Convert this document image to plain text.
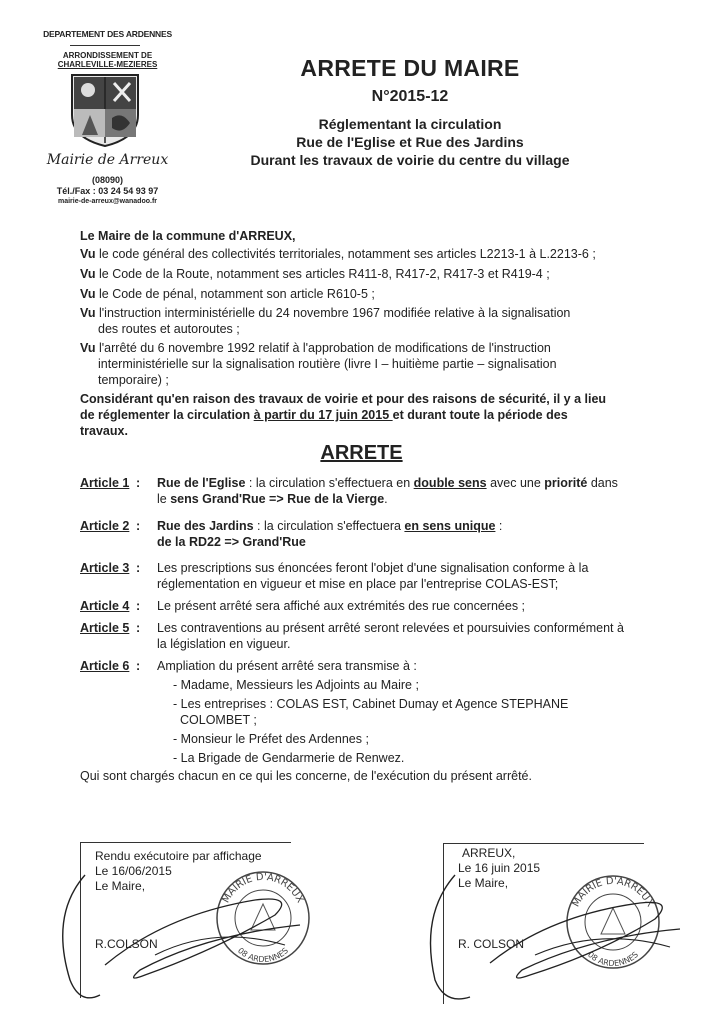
DEPARTEMENT DES ARDENNES
ARRONDISSEMENT DE
CHARLEVILLE-MEZIERES
Mairie de Arreux
(08090)
Tél./Fax : 03 24 54 93 97
mairie-de-arreux@wanadoo.fr
ARRETE DU MAIRE
N°2015-12
Réglementant la circulation
Rue de l'Eglise et Rue des Jardins
Durant les travaux de voirie du centre du village
Le Maire de la commune d'ARREUX,
Vu le code général des collectivités territoriales, notamment ses articles L2213-1 à L.2213-6 ;
Vu le Code de la Route, notamment ses articles R411-8, R417-2, R417-3 et R419-4 ;
Vu le Code de pénal, notamment son article R610-5 ;
Vu l'instruction interministérielle du 24 novembre 1967 modifiée relative à la signalisation
des routes et autoroutes ;
Vu l'arrêté du 6 novembre 1992 relatif à l'approbation de modifications de l'instruction
interministérielle sur la signalisation routière (livre I – huitième partie – signalisation
temporaire) ;
Considérant qu'en raison des travaux de voirie et pour des raisons de sécurité, il y a lieu
de réglementer la circulation à partir du 17 juin 2015 et durant toute la période des
travaux.
ARRETE
Article 1 : Rue de l'Eglise : la circulation s'effectuera en double sens avec une priorité dans
le sens Grand'Rue => Rue de la Vierge.
Article 2 : Rue des Jardins : la circulation s'effectuera en sens unique :
de la RD22 => Grand'Rue
Article 3 : Les prescriptions sus énoncées feront l'objet d'une signalisation conforme à la
réglementation en vigueur et mise en place par l'entreprise COLAS-EST;
Article 4 : Le présent arrêté sera affiché aux extrémités des rue concernées ;
Article 5 : Les contraventions au présent arrêté seront relevées et poursuivies conformément à
la législation en vigueur.
Article 6 : Ampliation du présent arrêté sera transmise à :
- Madame, Messieurs les Adjoints au Maire ;
- Les entreprises : COLAS EST, Cabinet Dumay et Agence STEPHANE
COLOMBET ;
- Monsieur le Préfet des Ardennes ;
- La Brigade de Gendarmerie de Renwez.
Qui sont chargés chacun en ce qui les concerne, de l'exécution du présent arrêté.
Rendu exécutoire par affichage
Le 16/06/2015
Le Maire,
R.COLSON
ARREUX,
Le 16 juin 2015
Le Maire,
R. COLSON
MAIRIE D'ARREUX
08 ARDENNES
MAIRIE D'ARREUX
08 ARDENNES
